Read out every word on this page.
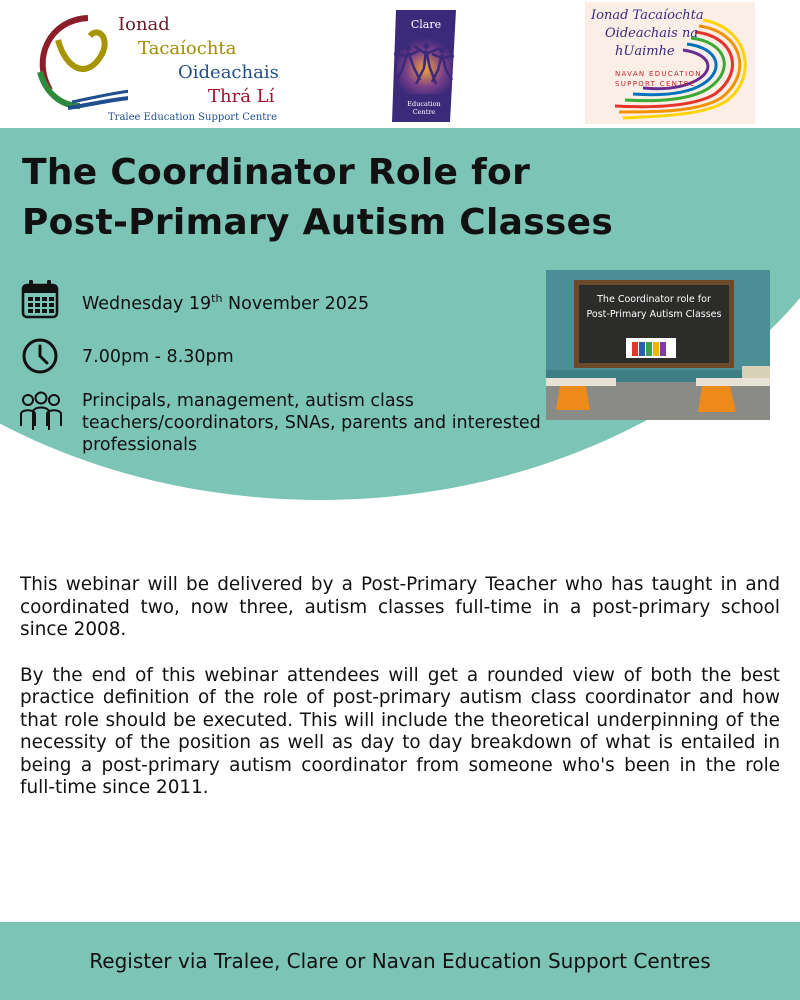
Ionad
Tacaíochta
Oideachais
Thrá Lí
Tralee Education Support Centre
Clare
Education
Centre
Ionad Tacaíochta
Oideachais na
hUaimhe
NAVAN EDUCATION
SUPPORT CENTRE
The Coordinator Role for
Post-Primary Autism Classes
Wednesday 19th November 2025
7.00pm - 8.30pm
Principals, management, autism class teachers/coordinators, SNAs, parents and interested professionals
The Coordinator role for
Post-Primary Autism Classes

This webinar will be delivered by a Post-Primary Teacher who has taught in and coordinated two, now three, autism classes full-time in a post-primary school since 2008.

By the end of this webinar attendees will get a rounded view of both the best practice definition of the role of post-primary autism class coordinator and how that role should be executed. This will include the theoretical underpinning of the necessity of the position as well as day to day breakdown of what is entailed in being a post-primary autism coordinator from someone who's been in the role full-time since 2011.

Register via Tralee, Clare or Navan Education Support Centres
